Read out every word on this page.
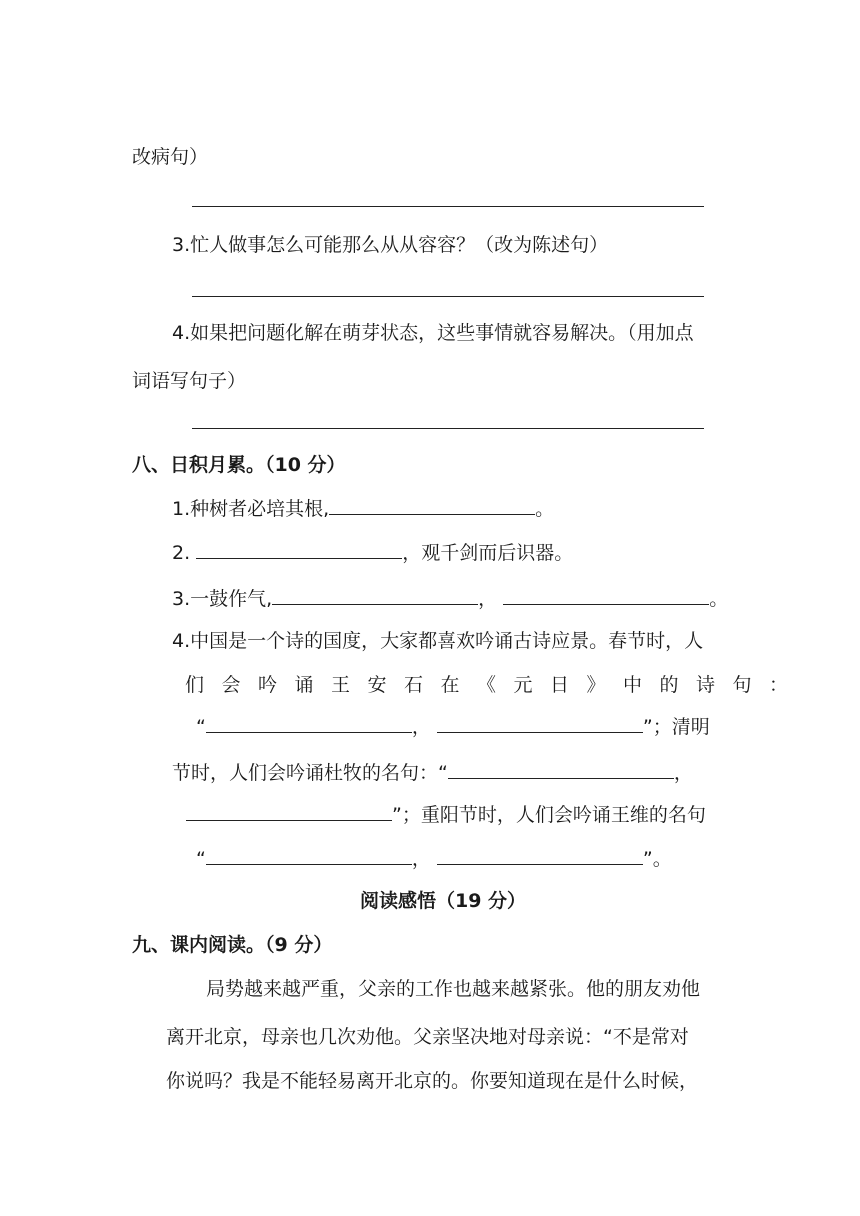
改病句）
3.忙人做事怎么可能那么从从容容？（改为陈述句）
4.如果把问题化解在萌芽状态，这些事情就容易解决。（用加点
词语写句子）
八、日积月累。（10 分）
1.种树者必培其根,	。
2.	，观千剑而后识器。
3.一鼓作气,	，	。
4.中国是一个诗的国度，大家都喜欢吟诵古诗应景。春节时，人
们会吟诵王安石在《元日》中的诗句：
“	，	”；清明
节时，人们会吟诵杜牧的名句：“	，
”；重阳节时，人们会吟诵王维的名句
“	，	”。
阅读感悟（19 分）
九、课内阅读。（9 分）
局势越来越严重，父亲的工作也越来越紧张。他的朋友劝他
离开北京，母亲也几次劝他。父亲坚决地对母亲说：“不是常对
你说吗？我是不能轻易离开北京的。你要知道现在是什么时候，
